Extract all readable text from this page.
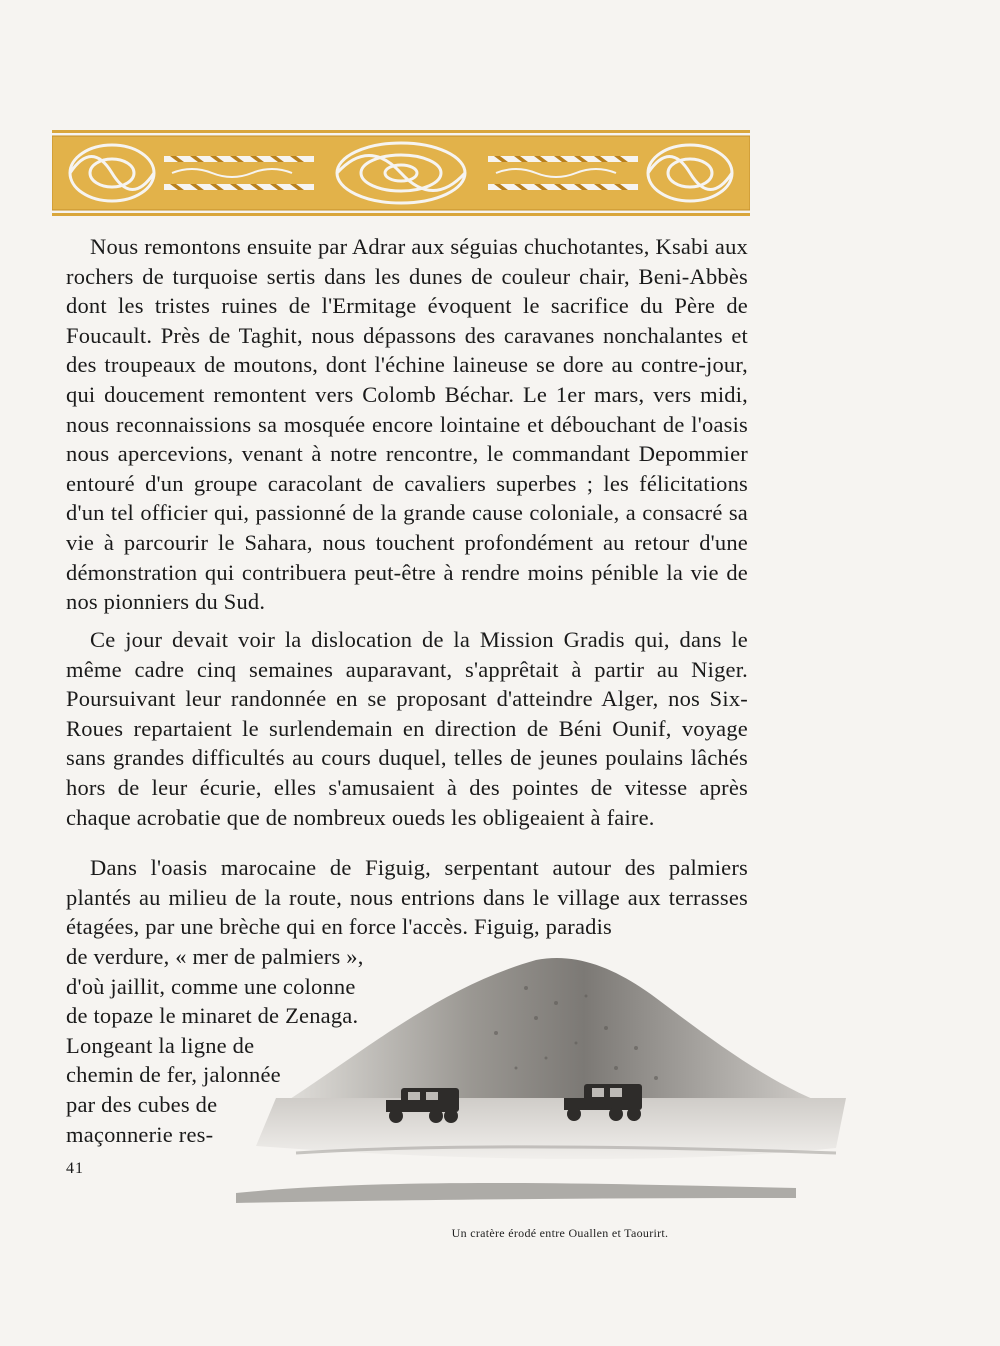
Nous remontons ensuite par Adrar aux séguias chuchotantes, Ksabi aux rochers de turquoise sertis dans les dunes de couleur chair, Beni-Abbès dont les tristes ruines de l'Ermitage évoquent le sacrifice du Père de Foucault. Près de Taghit, nous dépassons des caravanes nonchalantes et des troupeaux de moutons, dont l'échine laineuse se dore au contre-jour, qui doucement remontent vers Colomb Béchar. Le 1er mars, vers midi, nous reconnaissions sa mosquée encore lointaine et débouchant de l'oasis nous apercevions, venant à notre rencontre, le commandant Depommier entouré d'un groupe caracolant de cavaliers superbes ; les félicitations d'un tel officier qui, passionné de la grande cause coloniale, a consacré sa vie à parcourir le Sahara, nous touchent profondément au retour d'une démonstration qui contribuera peut-être à rendre moins pénible la vie de nos pionniers du Sud.

Ce jour devait voir la dislocation de la Mission Gradis qui, dans le même cadre cinq semaines auparavant, s'apprêtait à partir au Niger. Poursuivant leur randonnée en se proposant d'atteindre Alger, nos Six-Roues repartaient le surlendemain en direction de Béni Ounif, voyage sans grandes difficultés au cours duquel, telles de jeunes poulains lâchés hors de leur écurie, elles s'amusaient à des pointes de vitesse après chaque acrobatie que de nombreux oueds les obligeaient à faire.

Dans l'oasis marocaine de Figuig, serpentant autour des palmiers plantés au milieu de la route, nous entrions dans le village aux terrasses étagées, par une brèche qui en force l'accès. Figuig, paradis

de verdure, « mer de palmiers »,
d'où jaillit, comme une colonne
de topaze le minaret de Zenaga.
Longeant la ligne de
chemin de fer, jalonnée
par des cubes de
maçonnerie res-
41
Un cratère érodé entre Ouallen et Taourirt.
